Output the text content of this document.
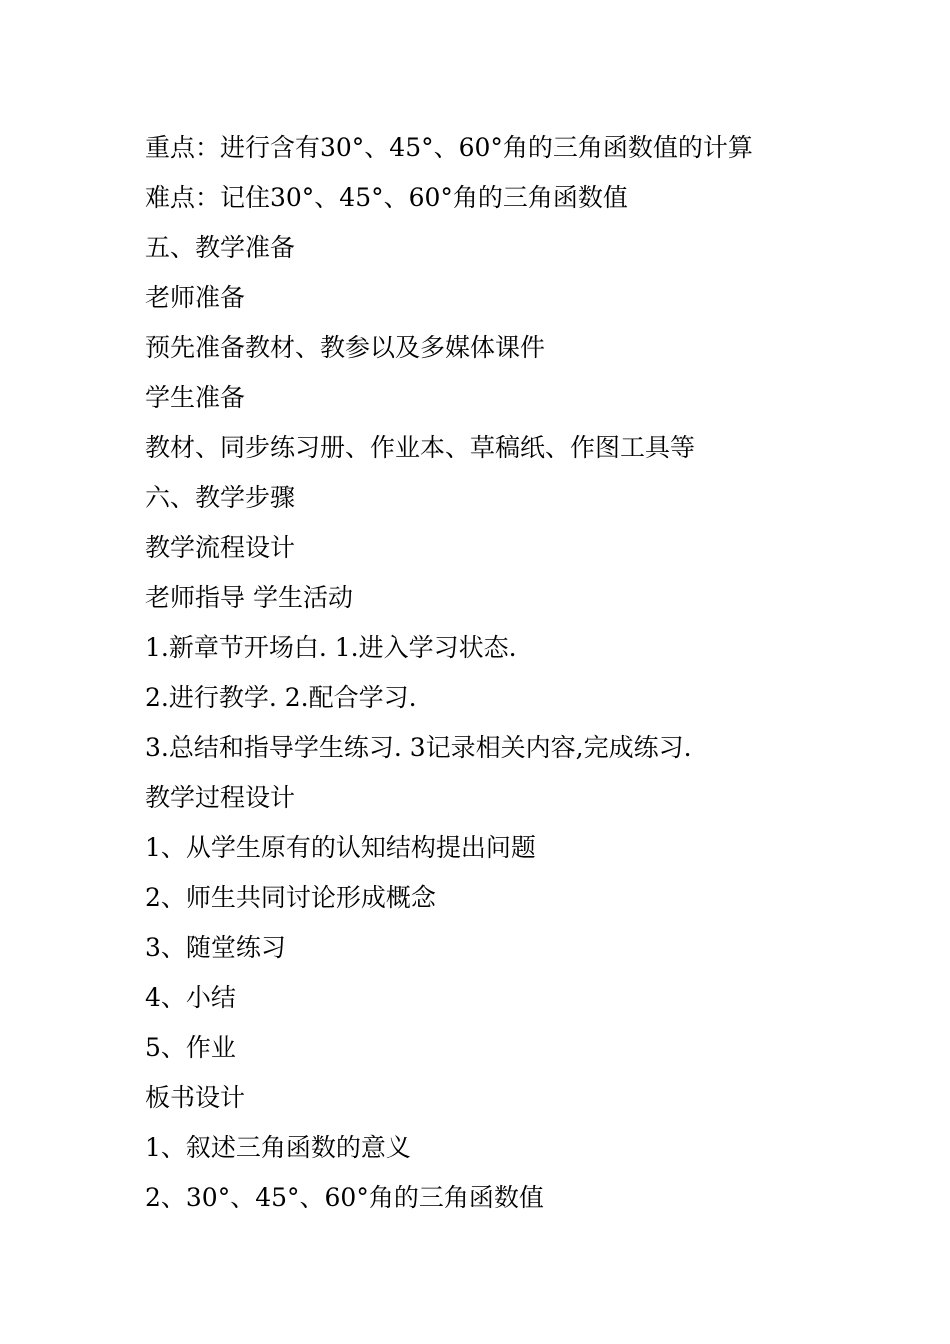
重点：进行含有30°、45°、60°角的三角函数值的计算
难点：记住30°、45°、60°角的三角函数值
五、教学准备
老师准备
预先准备教材、教参以及多媒体课件
学生准备
教材、同步练习册、作业本、草稿纸、作图工具等
六、教学步骤
教学流程设计
老师指导 学生活动
1.新章节开场白. 1.进入学习状态.
2.进行教学. 2.配合学习.
3.总结和指导学生练习. 3记录相关内容,完成练习.
教学过程设计
1、从学生原有的认知结构提出问题
2、师生共同讨论形成概念
3、随堂练习
4、小结
5、作业
板书设计
1、叙述三角函数的意义
2、30°、45°、60°角的三角函数值
